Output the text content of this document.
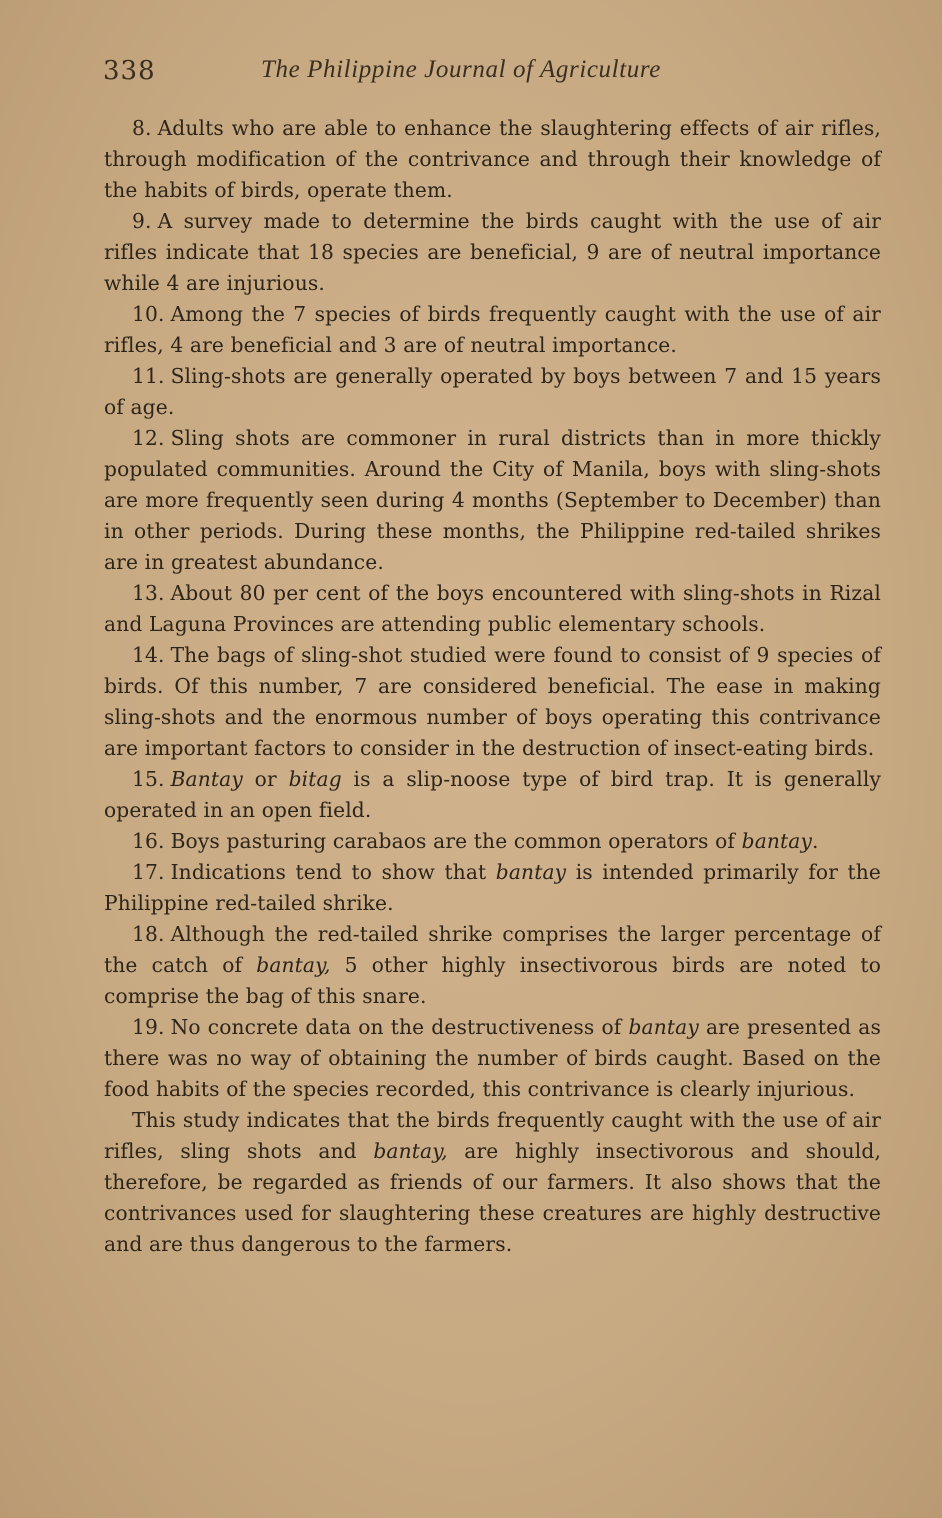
338	The Philippine Journal of Agriculture

8. Adults who are able to enhance the slaughtering effects of air rifles, through modification of the contrivance and through their knowledge of the habits of birds, operate them.

9. A survey made to determine the birds caught with the use of air rifles indicate that 18 species are beneficial, 9 are of neutral importance while 4 are injurious.

10. Among the 7 species of birds frequently caught with the use of air rifles, 4 are beneficial and 3 are of neutral importance.

11. Sling-shots are generally operated by boys between 7 and 15 years of age.

12. Sling shots are commoner in rural districts than in more thickly populated communities. Around the City of Manila, boys with sling-shots are more frequently seen during 4 months (September to December) than in other periods. During these months, the Philippine red-tailed shrikes are in greatest abundance.

13. About 80 per cent of the boys encountered with sling-shots in Rizal and Laguna Provinces are attending public elementary schools.

14. The bags of sling-shot studied were found to consist of 9 species of birds. Of this number, 7 are considered beneficial. The ease in making sling-shots and the enormous number of boys operating this contrivance are important factors to consider in the destruction of insect-eating birds.

15. Bantay or bitag is a slip-noose type of bird trap. It is generally operated in an open field.

16. Boys pasturing carabaos are the common operators of bantay.

17. Indications tend to show that bantay is intended primarily for the Philippine red-tailed shrike.

18. Although the red-tailed shrike comprises the larger percentage of the catch of bantay, 5 other highly insectivorous birds are noted to comprise the bag of this snare.

19. No concrete data on the destructiveness of bantay are presented as there was no way of obtaining the number of birds caught. Based on the food habits of the species recorded, this contrivance is clearly injurious.

This study indicates that the birds frequently caught with the use of air rifles, sling shots and bantay, are highly insectivorous and should, therefore, be regarded as friends of our farmers. It also shows that the contrivances used for slaughtering these creatures are highly destructive and are thus dangerous to the farmers.
